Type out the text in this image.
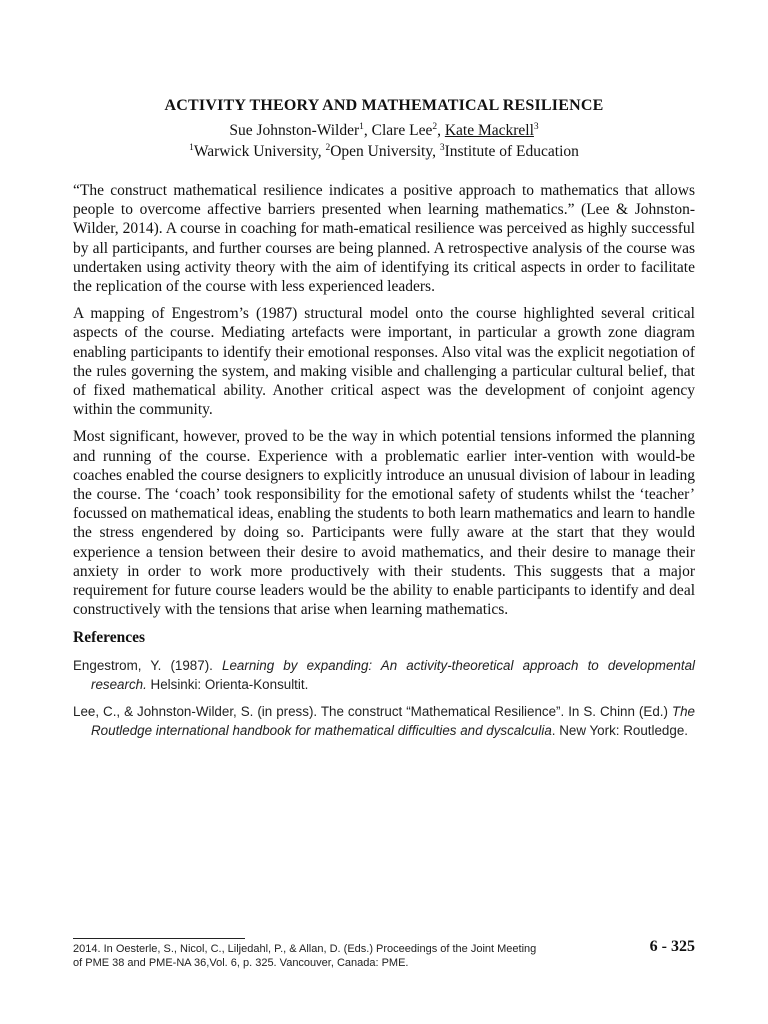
ACTIVITY THEORY AND MATHEMATICAL RESILIENCE

Sue Johnston-Wilder$^1$, Clare Lee$^2$, Kate Mackrell$^3$

$^1$Warwick University, $^2$Open University, $^3$Institute of Education

“The construct mathematical resilience indicates a positive approach to mathematics that allows people to overcome affective barriers presented when learning mathematics.” (Lee & Johnston-Wilder, 2014). A course in coaching for math-ematical resilience was perceived as highly successful by all participants, and further courses are being planned. A retrospective analysis of the course was undertaken using activity theory with the aim of identifying its critical aspects in order to facilitate the replication of the course with less experienced leaders.

A mapping of Engestrom’s (1987) structural model onto the course highlighted several critical aspects of the course. Mediating artefacts were important, in particular a growth zone diagram enabling participants to identify their emotional responses. Also vital was the explicit negotiation of the rules governing the system, and making visible and challenging a particular cultural belief, that of fixed mathematical ability. Another critical aspect was the development of conjoint agency within the community.

Most significant, however, proved to be the way in which potential tensions informed the planning and running of the course. Experience with a problematic earlier inter-vention with would-be coaches enabled the course designers to explicitly introduce an unusual division of labour in leading the course. The ‘coach’ took responsibility for the emotional safety of students whilst the ‘teacher’ focussed on mathematical ideas, enabling the students to both learn mathematics and learn to handle the stress engendered by doing so. Participants were fully aware at the start that they would experience a tension between their desire to avoid mathematics, and their desire to manage their anxiety in order to work more productively with their students. This suggests that a major requirement for future course leaders would be the ability to enable participants to identify and deal constructively with the tensions that arise when learning mathematics.

References

Engestrom, Y. (1987). Learning by expanding: An activity-theoretical approach to developmental research. Helsinki: Orienta-Konsultit.

Lee, C., & Johnston-Wilder, S. (in press). The construct “Mathematical Resilience”. In S. Chinn (Ed.) The Routledge international handbook for mathematical difficulties and dyscalculia. New York: Routledge.

2014. In Oesterle, S., Nicol, C., Liljedahl, P., & Allan, D. (Eds.) Proceedings of the Joint Meeting
of PME 38 and PME-NA 36,Vol. 6, p. 325. Vancouver, Canada: PME.
6 - 325
